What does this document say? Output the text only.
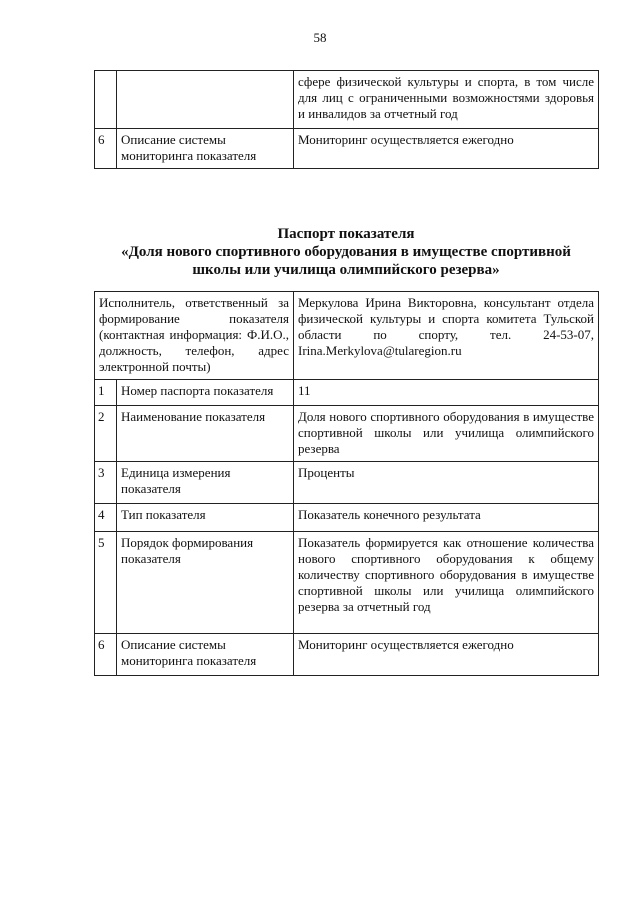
58
		сфере физической культуры и спорта, в том числе для лиц с ограниченными возможностями здоровья и инвалидов за отчетный год
6	Описание системы мониторинга показателя	Мониторинг осуществляется ежегодно
Паспорт показателя
«Доля нового спортивного оборудования в имуществе спортивной
школы или училища олимпийского резерва»
Исполнитель, ответственный за формирование показателя (контактная информация: Ф.И.О., должность, телефон, адрес электронной почты)		Меркулова Ирина Викторовна, консультант отдела физической культуры и спорта комитета Тульской области по спорту, тел. 24-53-07, Irina.Merkylova@tularegion.ru
1	Номер паспорта показателя	11
2	Наименование показателя	Доля нового спортивного оборудования в имуществе спортивной школы или училища олимпийского резерва
3	Единица измерения показателя	Проценты
4	Тип показателя	Показатель конечного результата
5	Порядок формирования показателя	Показатель формируется как отношение количества нового спортивного оборудования к общему количеству спортивного оборудования в имуществе спортивной школы или училища олимпийского резерва за отчетный год
6	Описание системы мониторинга показателя	Мониторинг осуществляется ежегодно
